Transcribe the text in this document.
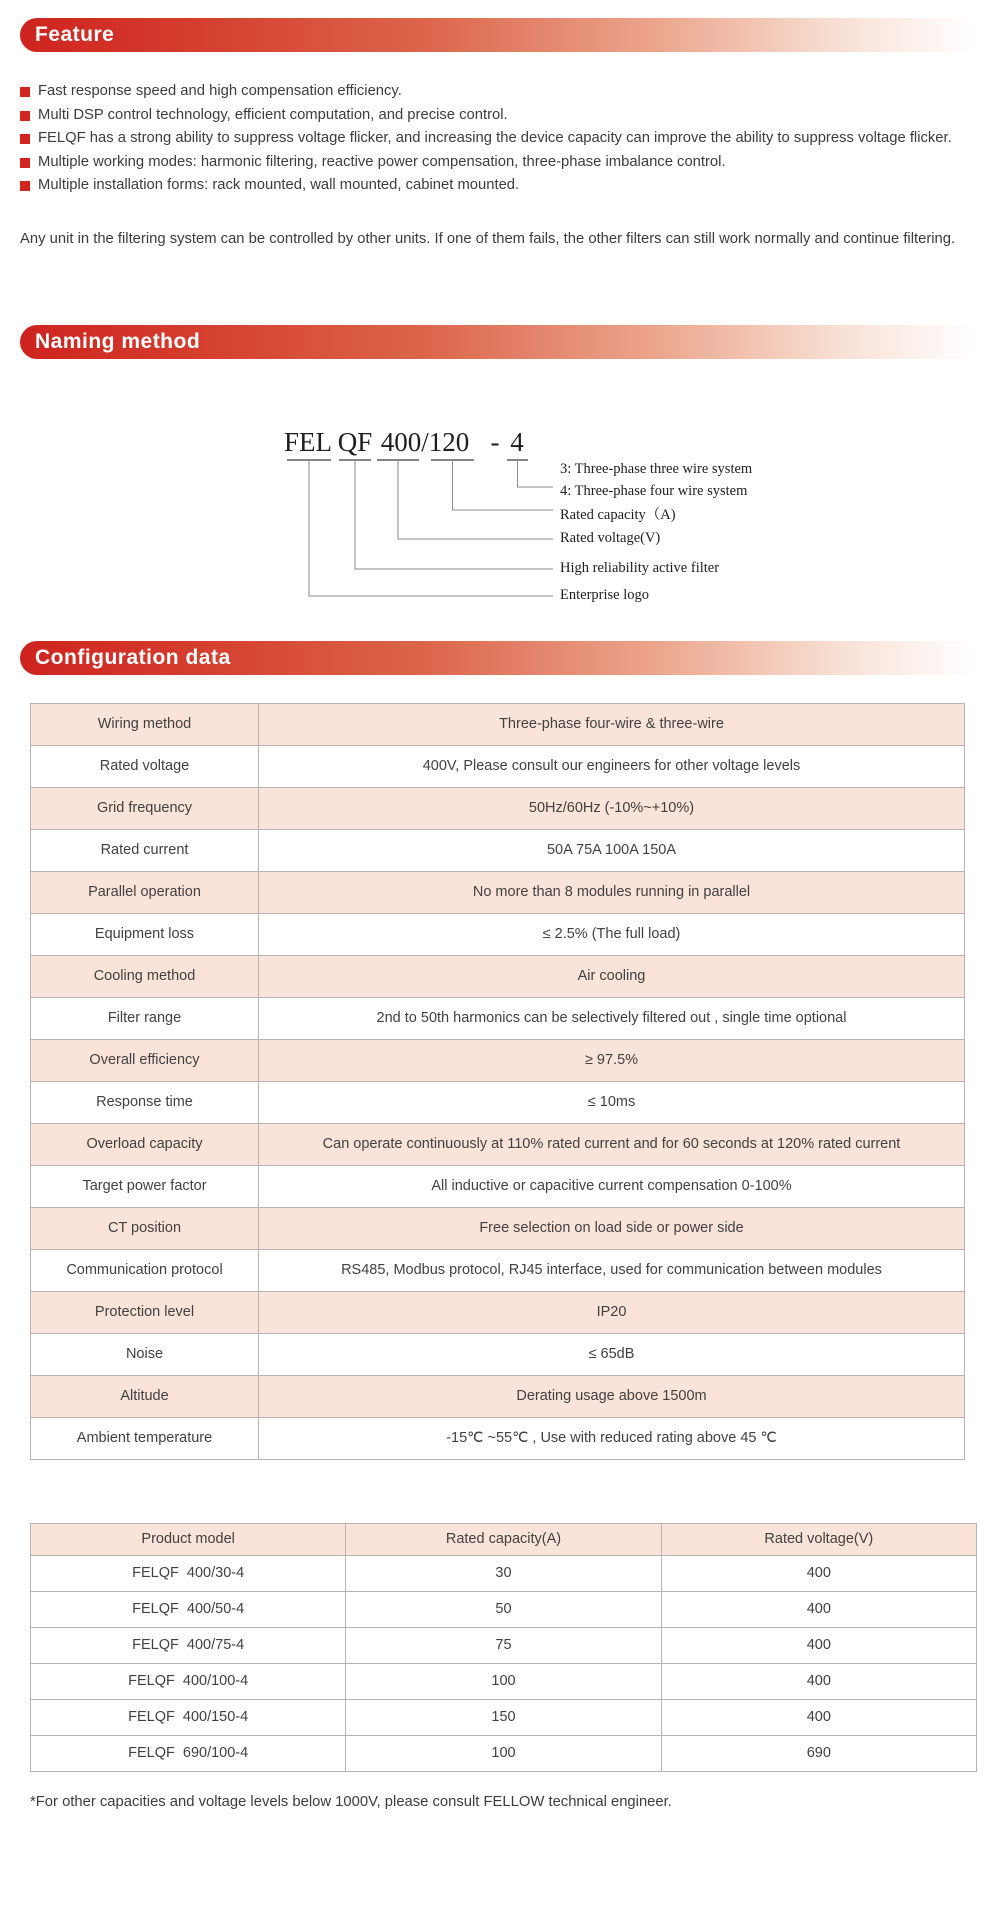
Feature
Fast response speed and high compensation efficiency.
Multi DSP control technology, efficient computation, and precise control.
FELQF has a strong ability to suppress voltage flicker, and increasing the device capacity can improve the ability to suppress voltage flicker.
Multiple working modes: harmonic filtering, reactive power compensation, three-phase imbalance control.
Multiple installation forms: rack mounted, wall mounted, cabinet mounted.

Any unit in the filtering system can be controlled by other units. If one of them fails, the other filters can still work normally and continue filtering.

Naming method
FEL QF 400/120 - 4
3: Three-phase three wire system
4: Three-phase four wire system
Rated capacity（A)
Rated voltage(V)
High reliability active filter
Enterprise logo
Configuration data
Wiring method	Three-phase four-wire & three-wire
Rated voltage	400V, Please consult our engineers for other voltage levels
Grid frequency	50Hz/60Hz (-10%~+10%)
Rated current	50A 75A 100A 150A
Parallel operation	No more than 8 modules running in parallel
Equipment loss	≤ 2.5% (The full load)
Cooling method	Air cooling
Filter range	2nd to 50th harmonics can be selectively filtered out , single time optional
Overall efficiency	≥ 97.5%
Response time	≤ 10ms
Overload capacity	Can operate continuously at 110% rated current and for 60 seconds at 120% rated current
Target power factor	All inductive or capacitive current compensation 0-100%
CT position	Free selection on load side or power side
Communication protocol	RS485, Modbus protocol, RJ45 interface, used for communication between modules
Protection level	IP20
Noise	≤ 65dB
Altitude	Derating usage above 1500m
Ambient temperature	-15℃ ~55℃ , Use with reduced rating above 45 ℃
Product model	Rated capacity(A)	Rated voltage(V)
FELQF  400/30-4	30	400
FELQF  400/50-4	50	400
FELQF  400/75-4	75	400
FELQF  400/100-4	100	400
FELQF  400/150-4	150	400
FELQF  690/100-4	100	690

*For other capacities and voltage levels below 1000V, please consult FELLOW technical engineer.
